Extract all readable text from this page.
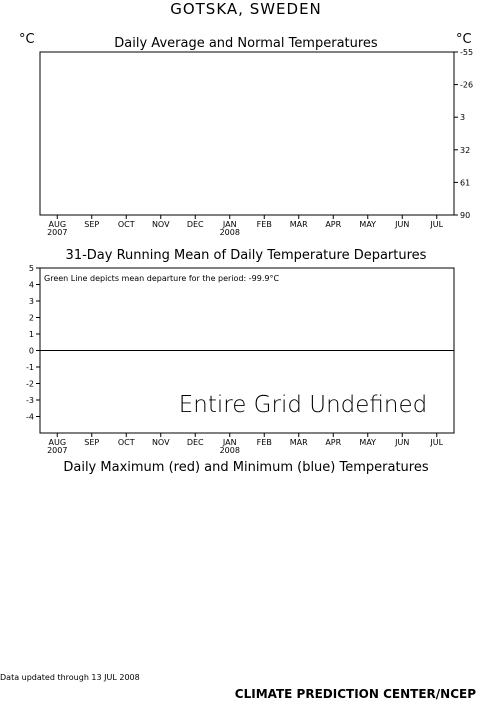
GOTSKA, SWEDEN
Daily Average and Normal Temperatures
°C	°C
-55
-26
3
32
61
90
AUG
2007
SEP OCT NOV DEC JAN
2008
FEB MAR APR MAY JUN	JUL
31-Day Running Mean of Daily Temperature Departures
Green Line depicts mean departure for the period: -99.9°C
Entire Grid Undefined
5
4
3
2
1
0
-1
-2
-3
-4
AUG
2007
SEP OCT NOV DEC JAN
2008
FEB MAR APR MAY JUN	JUL
Daily Maximum (red) and Minimum (blue) Temperatures
Data updated through 13 JUL 2008
CLIMATE PREDICTION CENTER/NCEP
